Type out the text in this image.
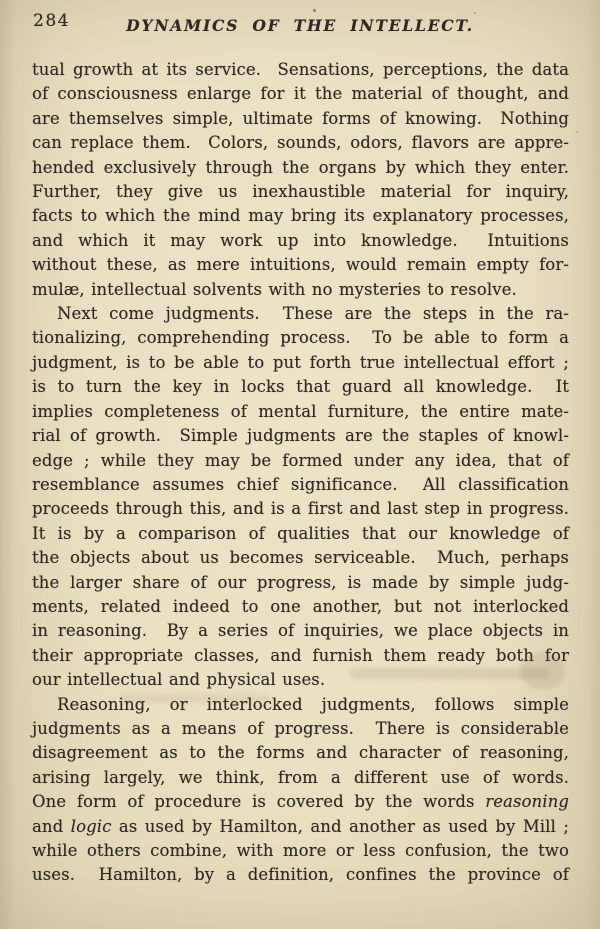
284	DYNAMICS OF THE INTELLECT.
tual growth at its service.  Sensations, perceptions, the data
of consciousness enlarge for it the material of thought, and
are themselves simple, ultimate forms of knowing.  Nothing
can replace them.  Colors, sounds, odors, flavors are appre-
hended exclusively through the organs by which they enter.
Further, they give us inexhaustible material for inquiry,
facts to which the mind may bring its explanatory processes,
and which it may work up into knowledge.  Intuitions
without these, as mere intuitions, would remain empty for-
mulæ, intellectual solvents with no mysteries to resolve.
Next come judgments.  These are the steps in the ra-
tionalizing, comprehending process.  To be able to form a
judgment, is to be able to put forth true intellectual effort ;
is to turn the key in locks that guard all knowledge.  It
implies completeness of mental furniture, the entire mate-
rial of growth.  Simple judgments are the staples of knowl-
edge ; while they may be formed under any idea, that of
resemblance assumes chief significance.  All classification
proceeds through this, and is a first and last step in progress.
It is by a comparison of qualities that our knowledge of
the objects about us becomes serviceable.  Much, perhaps
the larger share of our progress, is made by simple judg-
ments, related indeed to one another, but not interlocked
in reasoning.  By a series of inquiries, we place objects in
their appropriate classes, and furnish them ready both for
our intellectual and physical uses.
Reasoning, or interlocked judgments, follows simple
judgments as a means of progress.  There is considerable
disagreement as to the forms and character of reasoning,
arising largely, we think, from a different use of words.
One form of procedure is covered by the words reasoning
and logic as used by Hamilton, and another as used by Mill ;
while others combine, with more or less confusion, the two
uses.  Hamilton, by a definition, confines the province of
